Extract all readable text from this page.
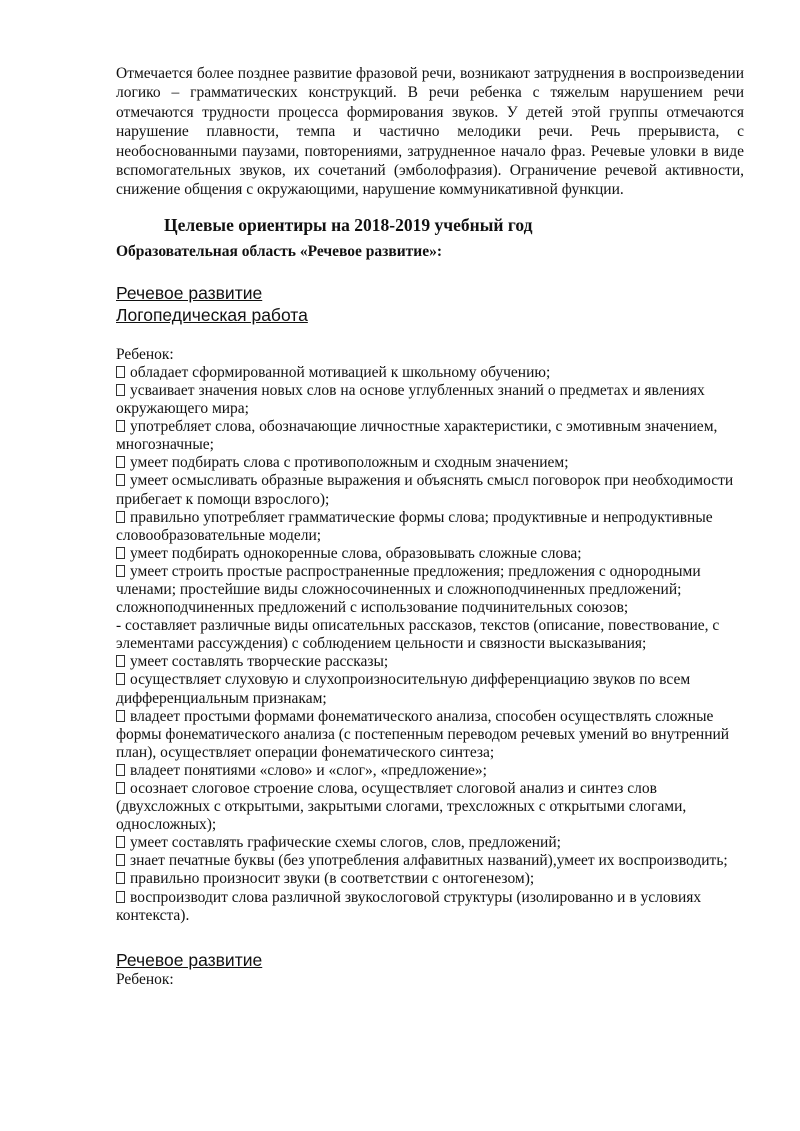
Отмечается более позднее развитие фразовой речи, возникают затруднения в воспроизведении логико – грамматических конструкций. В речи ребенка с тяжелым нарушением речи отмечаются трудности процесса формирования звуков. У детей этой группы отмечаются нарушение плавности, темпа и частично мелодики речи. Речь прерывиста, с необоснованными паузами, повторениями, затрудненное начало фраз. Речевые уловки в виде вспомогательных звуков, их сочетаний (эмболофразия). Ограничение речевой активности, снижение общения с окружающими, нарушение коммуникативной функции.

Целевые ориентиры на 2018-2019 учебный год
Образовательная область «Речевое развитие»:

Речевое развитие

Логопедическая работа

Ребенок:

обладает сформированной мотивацией к школьному обучению;
усваивает значения новых слов на основе углубленных знаний о предметах и явлениях окружающего мира;
употребляет слова, обозначающие личностные характеристики, с эмотивным значением, многозначные;
умеет подбирать слова с противоположным и сходным значением;
умеет осмысливать образные выражения и объяснять смысл поговорок при необходимости прибегает к помощи взрослого);
правильно употребляет грамматические формы слова; продуктивные и непродуктивные словообразовательные модели;
умеет подбирать однокоренные слова, образовывать сложные слова;
умеет строить простые распространенные предложения; предложения с однородными членами; простейшие виды сложносочиненных и сложноподчиненных предложений; сложноподчиненных предложений с использование подчинительных союзов;
- составляет различные виды описательных рассказов, текстов (описание, повествование, с элементами рассуждения) с соблюдением цельности и связности высказывания;
умеет составлять творческие рассказы;
осуществляет слуховую и слухопроизносительную дифференциацию звуков по всем дифференциальным признакам;
владеет простыми формами фонематического анализа, способен осуществлять сложные формы фонематического анализа (с постепенным переводом речевых умений во внутренний план), осуществляет операции фонематического синтеза;
владеет понятиями «слово» и «слог», «предложение»;
осознает слоговое строение слова, осуществляет слоговой анализ и синтез слов (двухсложных с открытыми, закрытыми слогами, трехсложных с открытыми слогами, односложных);
умеет составлять графические схемы слогов, слов, предложений;
знает печатные буквы (без употребления алфавитных названий),умеет их воспроизводить;
правильно произносит звуки (в соответствии с онтогенезом);
воспроизводит слова различной звукослоговой структуры (изолированно и в условиях контекста).

Речевое развитие

Ребенок:
